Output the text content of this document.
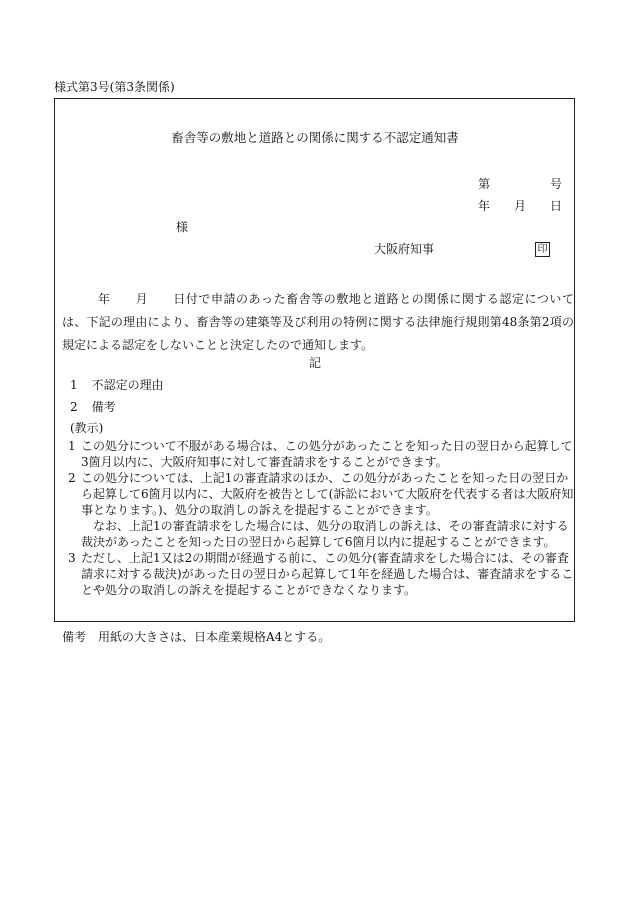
様式第3号(第3条関係)
畜舎等の敷地と道路との関係に関する不認定通知書
第	号
年 月 日
様
大阪府知事	印
年　　月　　日付で申請のあった畜舎等の敷地と道路との関係に関する認定については、下記の理由により、畜舎等の建築等及び利用の特例に関する法律施行規則第48条第2項の規定による認定をしないことと決定したので通知します。
記
1 不認定の理由
2 備考
(教示)
1 この処分について不服がある場合は、この処分があったことを知った日の翌日から起算して3箇月以内に、大阪府知事に対して審査請求をすることができます。
2 この処分については、上記1の審査請求のほか、この処分があったことを知った日の翌日から起算して6箇月以内に、大阪府を被告として(訴訟において大阪府を代表する者は大阪府知事となります。)、処分の取消しの訴えを提起することができます。
なお、上記1の審査請求をした場合には、処分の取消しの訴えは、その審査請求に対する裁決があったことを知った日の翌日から起算して6箇月以内に提起することができます。
3 ただし、上記1又は2の期間が経過する前に、この処分(審査請求をした場合には、その審査請求に対する裁決)があった日の翌日から起算して1年を経過した場合は、審査請求をすることや処分の取消しの訴えを提起することができなくなります。
備考　用紙の大きさは、日本産業規格A4とする。
